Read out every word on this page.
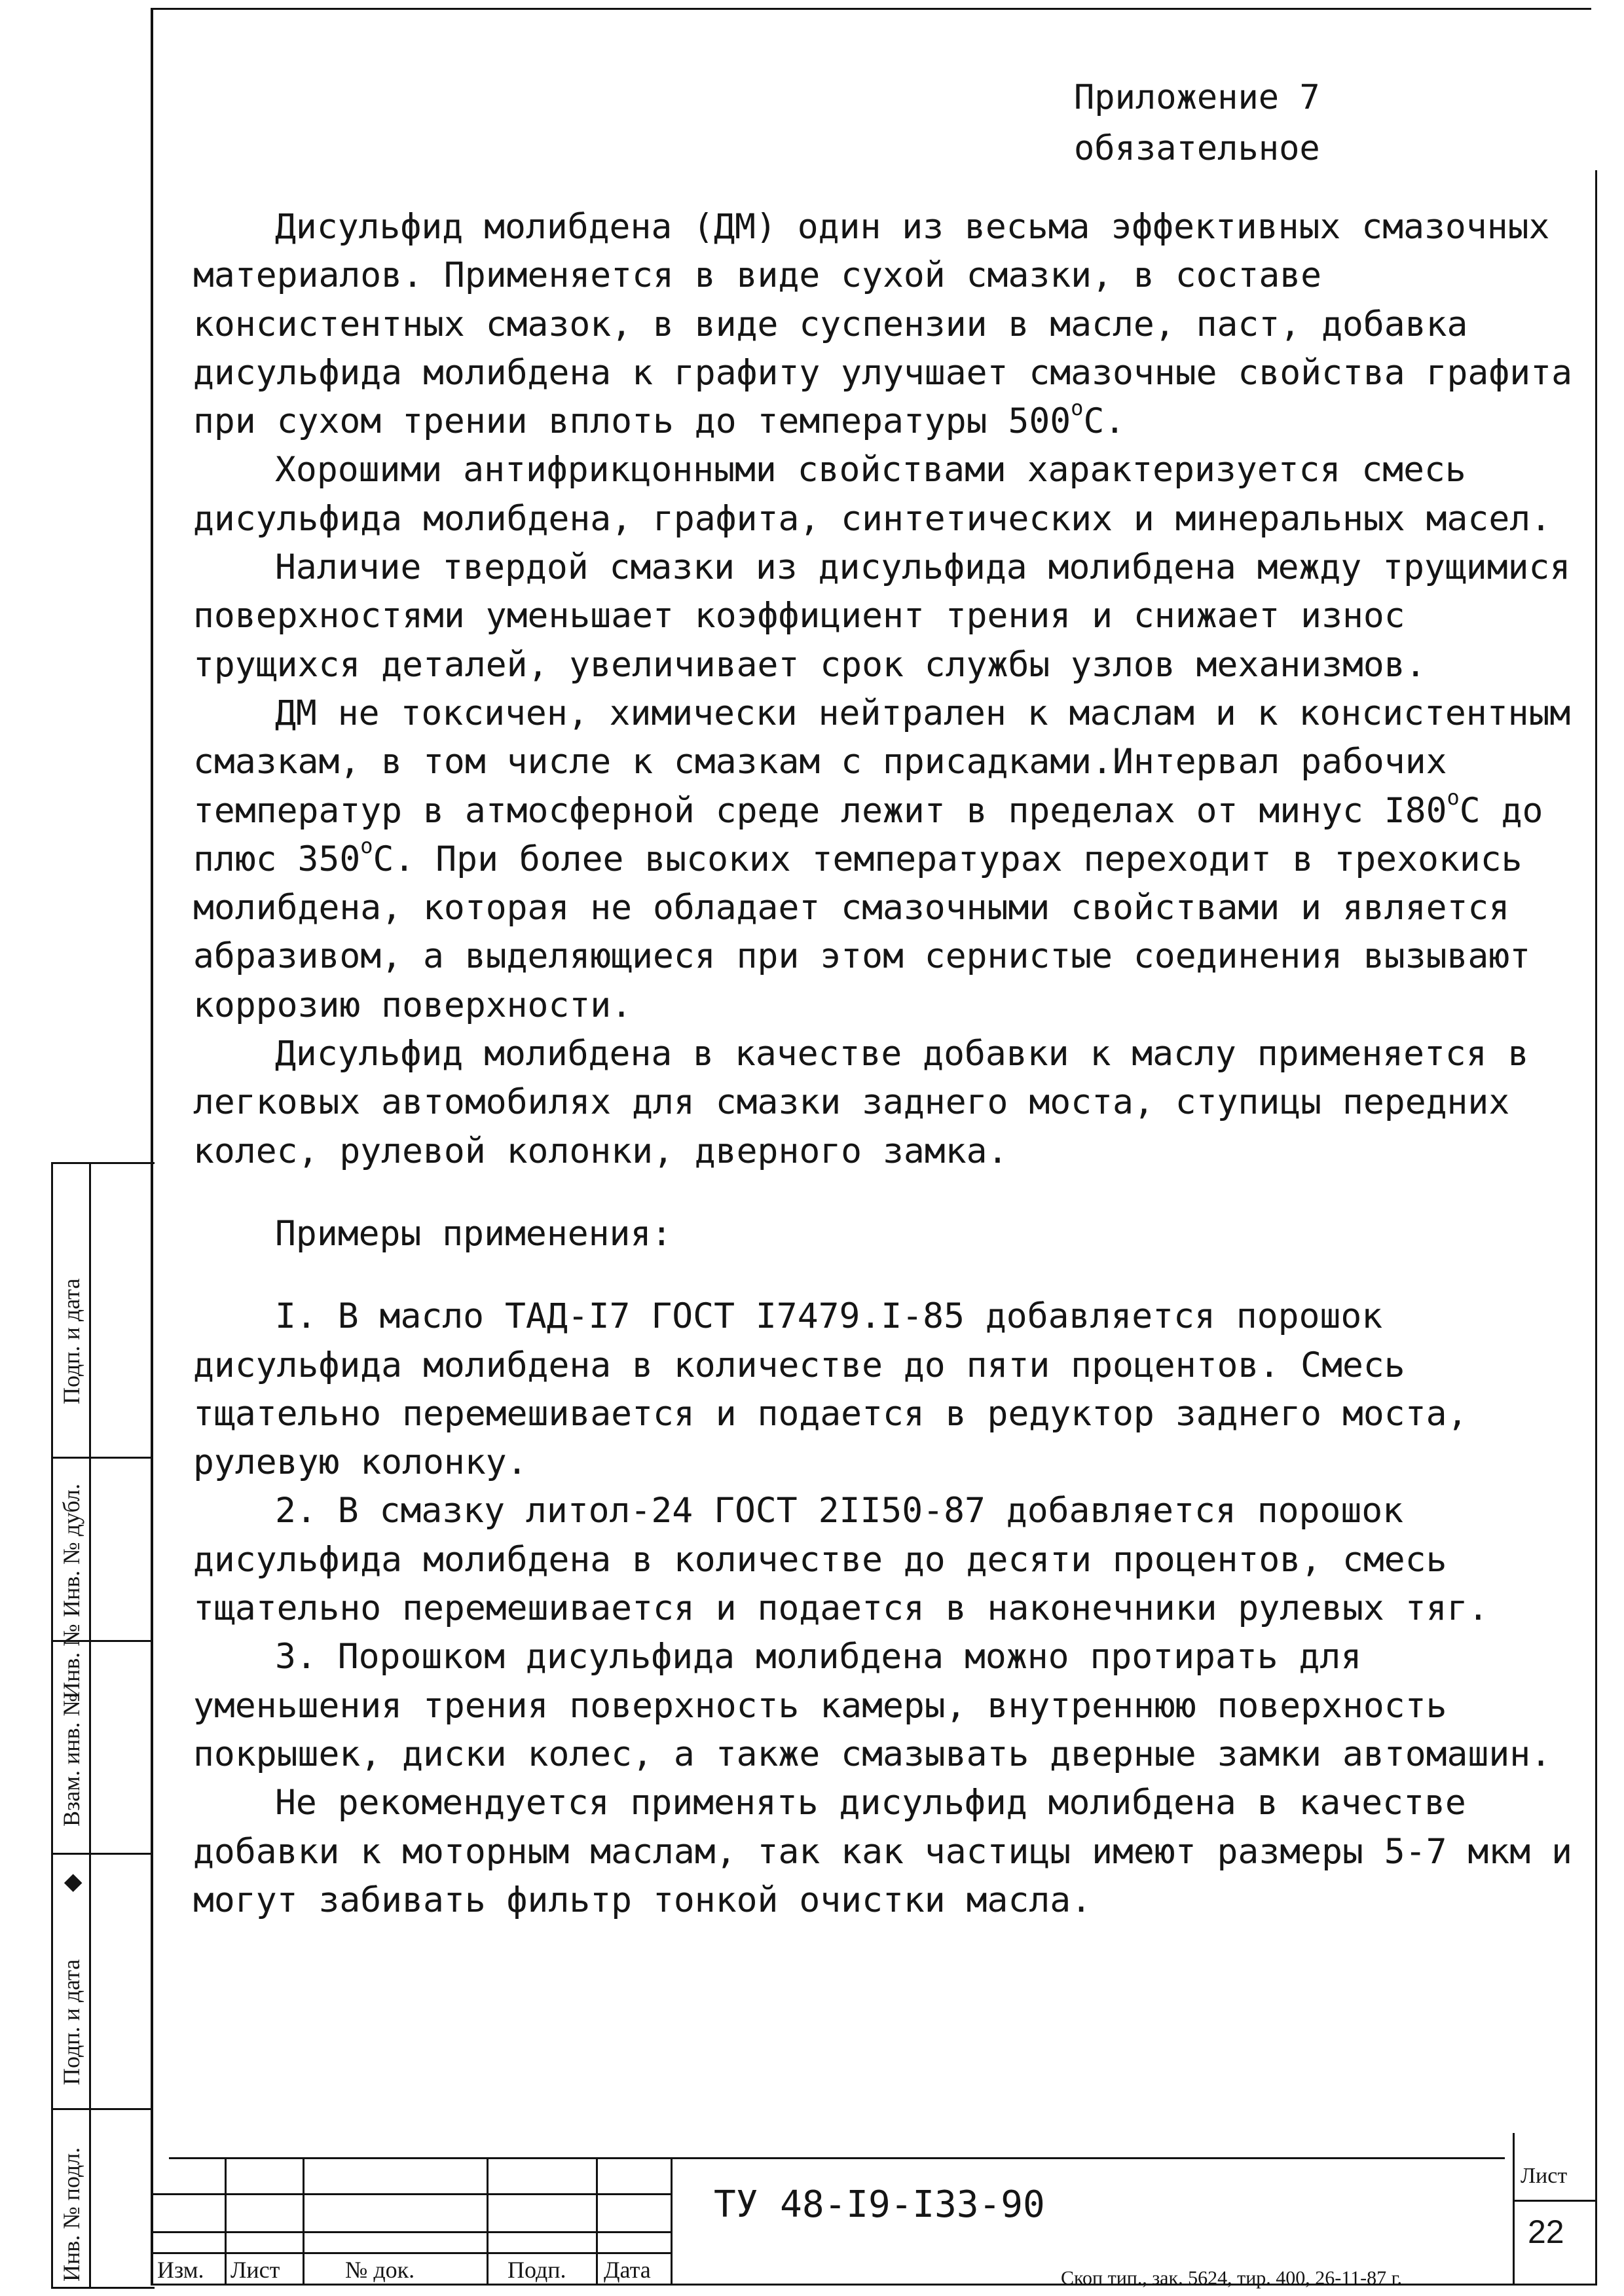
Приложение 7
обязательное

Дисульфид молибдена (ДМ) один из весьма эффективных смазочных материалов. Применяется в виде сухой смазки, в составе консистентных смазок, в виде суспензии в масле, паст, добавка дисульфида молибдена к графиту улучшает смазочные свойства графита при сухом трении вплоть до температуры 500$^o$С.

Хорошими антифрикцонными свойствами характеризуется смесь дисульфида молибдена, графита, синтетических и минеральных масел.

Наличие твердой смазки из дисульфида молибдена между трущимися поверхностями уменьшает коэффициент трения и снижает износ трущихся деталей, увеличивает срок службы узлов механизмов.

ДМ не токсичен, химически нейтрален к маслам и к консистентным смазкам, в том числе к смазкам с присадками.Интервал рабочих температур в атмосферной среде лежит в пределах от минус I80$^o$С до плюс 350$^o$С. При более высоких температурах переходит в трехокись молибдена, которая не обладает смазочными свойствами и является абразивом, а выделяющиеся при этом сернистые соединения вызывают коррозию поверхности.

Дисульфид молибдена в качестве добавки к маслу применяется в легковых автомобилях для смазки заднего моста, ступицы передних колес, рулевой колонки, дверного замка.

Примеры применения:

I. В масло ТАД-I7 ГОСТ I7479.I-85 добавляется порошок дисульфида молибдена в количестве до пяти процентов. Смесь тщательно перемешивается и подается в редуктор заднего моста, рулевую колонку.

2. В смазку литол-24 ГОСТ 2II50-87 добавляется порошок дисульфида молибдена в количестве до десяти процентов, смесь тщательно перемешивается и подается в наконечники рулевых тяг.

3. Порошком дисульфида молибдена можно протирать для уменьшения трения поверхность камеры, внутреннюю поверхность покрышек, диски колес, а также смазывать дверные замки автомашин.

Не рекомендуется применять дисульфид молибдена в качестве добавки к моторным маслам, так как частицы имеют размеры 5-7 мкм и могут забивать фильтр тонкой очистки масла.

Подп. и дата
Инв. № дубл.
Взам. инв. №
Инв. №
◆
Подп. и дата
Инв. № подл.	Изм. Лист	№ док.	Подп. Дата
ТУ 48-I9-I33-90
Лист
22
Скоп тип., зак. 5624, тир. 400, 26-11-87 г.
